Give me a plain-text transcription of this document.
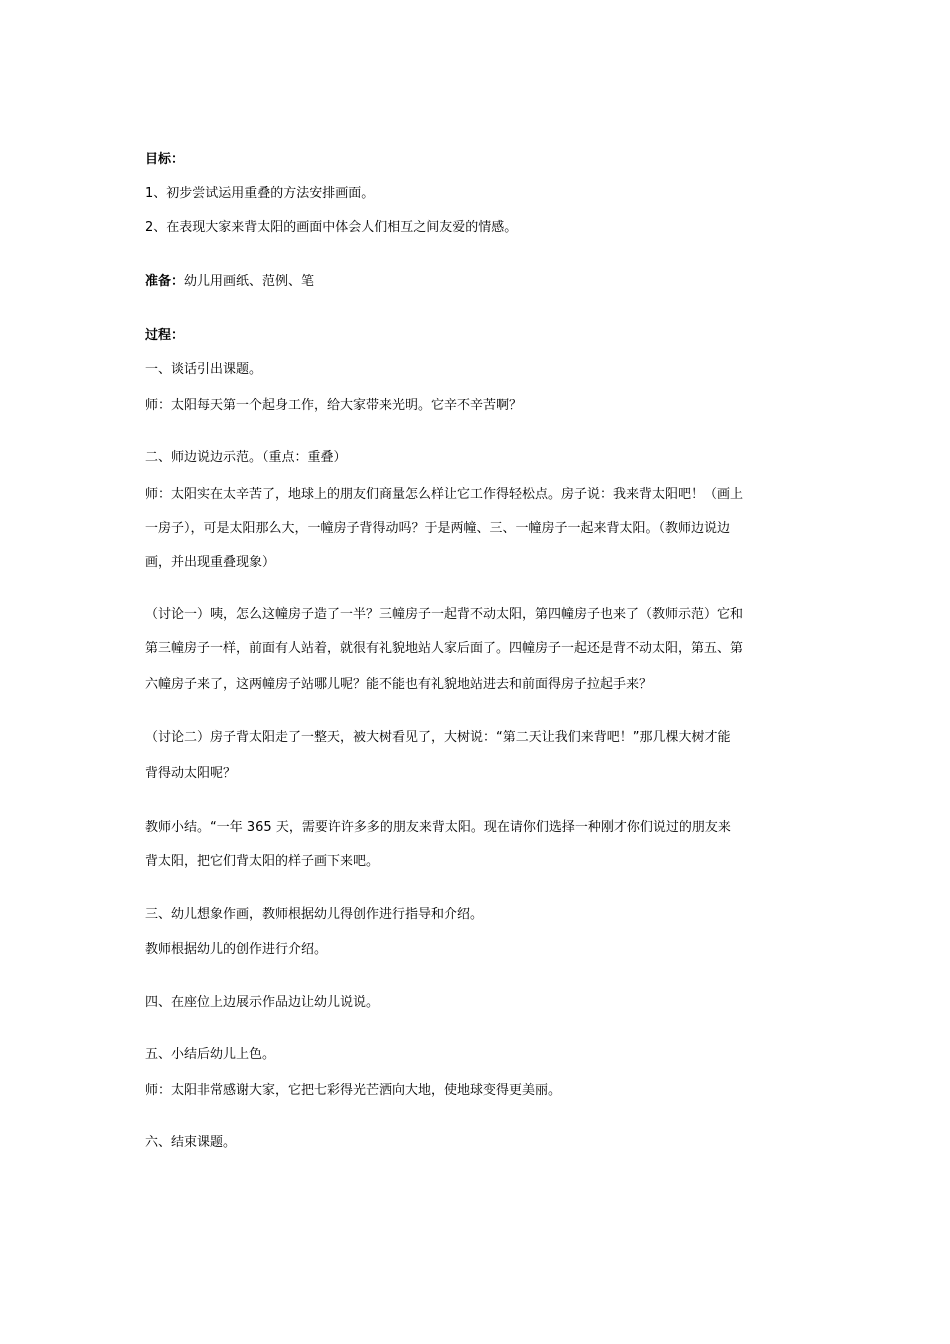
目标：
1、初步尝试运用重叠的方法安排画面。
2、在表现大家来背太阳的画面中体会人们相互之间友爱的情感。
准备：幼儿用画纸、范例、笔
过程：
一、谈话引出课题。
师：太阳每天第一个起身工作，给大家带来光明。它辛不辛苦啊？
二、师边说边示范。（重点：重叠）
师：太阳实在太辛苦了，地球上的朋友们商量怎么样让它工作得轻松点。房子说：我来背太阳吧！（画上
一房子），可是太阳那么大，一幢房子背得动吗？于是两幢、三、一幢房子一起来背太阳。（教师边说边
画，并出现重叠现象）
（讨论一）咦，怎么这幢房子造了一半？三幢房子一起背不动太阳，第四幢房子也来了（教师示范）它和
第三幢房子一样，前面有人站着，就很有礼貌地站人家后面了。四幢房子一起还是背不动太阳，第五、第
六幢房子来了，这两幢房子站哪儿呢？能不能也有礼貌地站进去和前面得房子拉起手来？
（讨论二）房子背太阳走了一整天，被大树看见了，大树说：“第二天让我们来背吧！”那几棵大树才能
背得动太阳呢？
教师小结。“一年 365 天，需要许许多多的朋友来背太阳。现在请你们选择一种刚才你们说过的朋友来
背太阳，把它们背太阳的样子画下来吧。
三、幼儿想象作画，教师根据幼儿得创作进行指导和介绍。
教师根据幼儿的创作进行介绍。
四、在座位上边展示作品边让幼儿说说。
五、小结后幼儿上色。
师：太阳非常感谢大家，它把七彩得光芒洒向大地，使地球变得更美丽。
六、结束课题。
